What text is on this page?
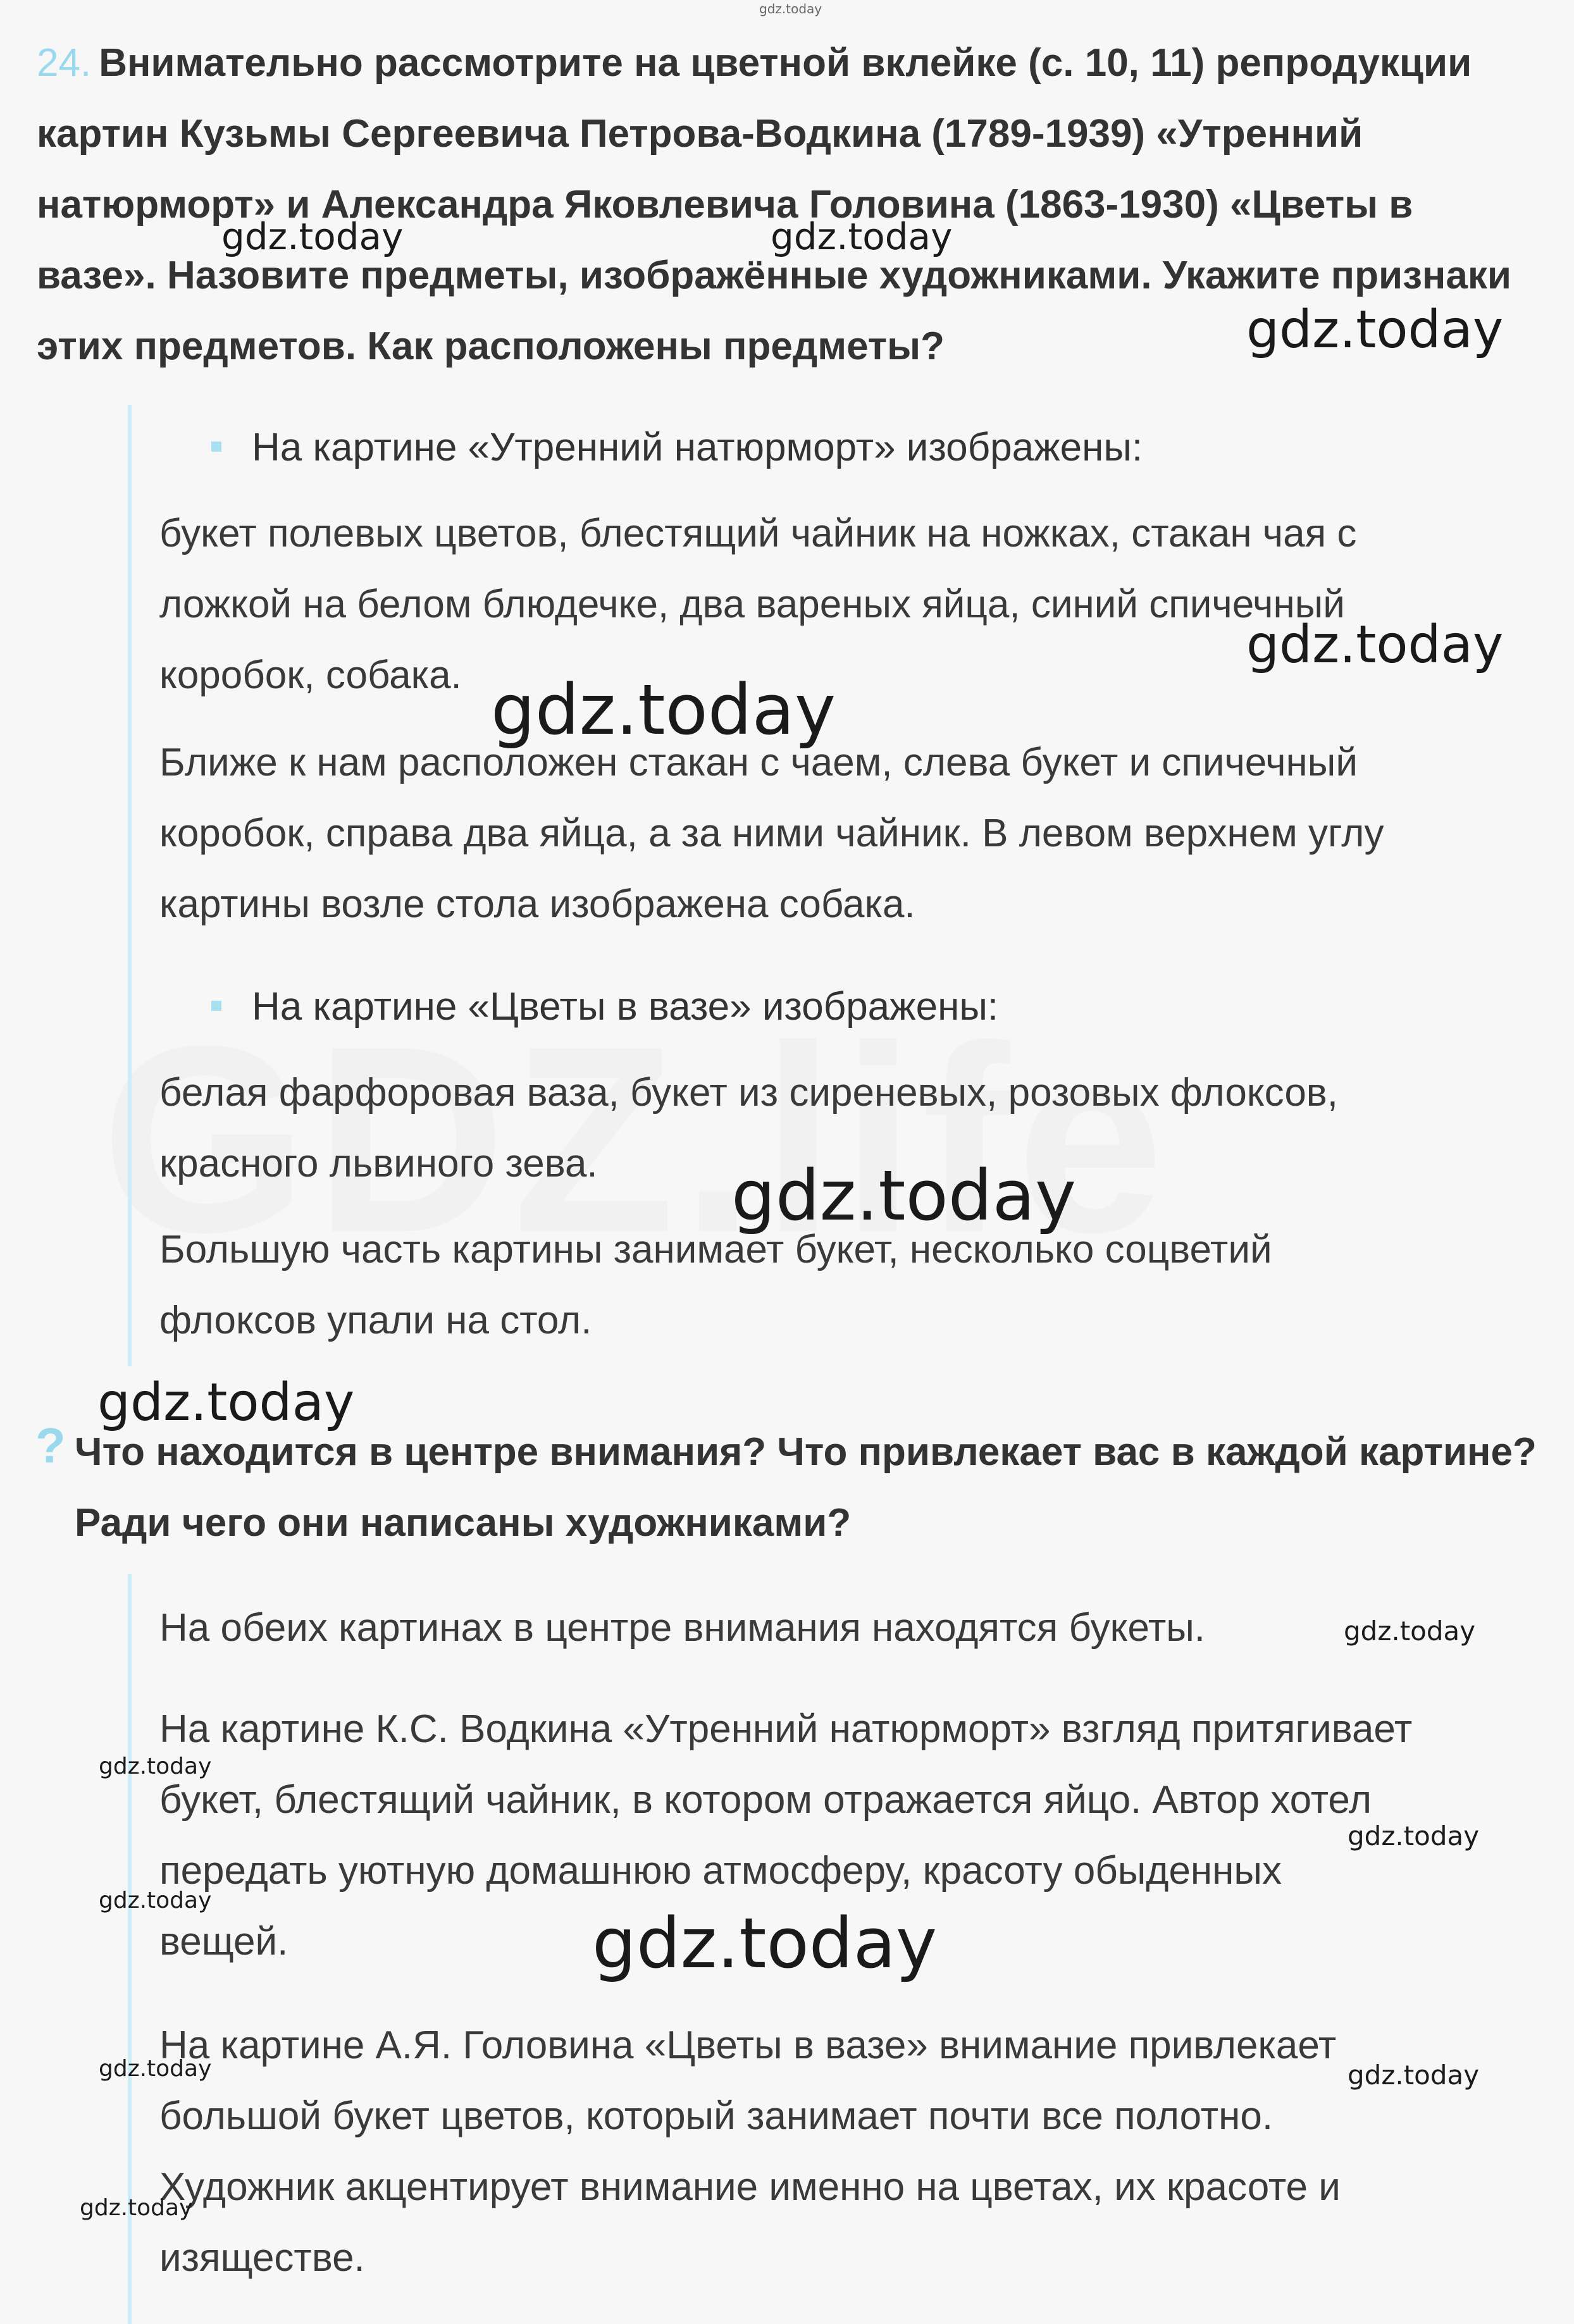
gdz.today
24. Внимательно рассмотрите на цветной вклейке (с. 10, 11) репродукции
картин Кузьмы Сергеевича Петрова-Водкина (1789-1939) «Утренний
натюрморт» и Александра Яковлевича Головина (1863-1930) «Цветы в
вазе». Назовите предметы, изображённые художниками. Укажите признаки
этих предметов. Как расположены предметы?
На картине «Утренний натюрморт» изображены:
букет полевых цветов, блестящий чайник на ножках, стакан чая с
ложкой на белом блюдечке, два вареных яйца, синий спичечный
коробок, собака.
Ближе к нам расположен стакан с чаем, слева букет и спичечный
коробок, справа два яйца, а за ними чайник. В левом верхнем углу
картины возле стола изображена собака.
На картине «Цветы в вазе» изображены:
белая фарфоровая ваза, букет из сиреневых, розовых флоксов,
красного львиного зева.
Большую часть картины занимает букет, несколько соцветий
флоксов упали на стол.
? Что находится в центре внимания? Что привлекает вас в каждой картине?
Ради чего они написаны художниками?
На обеих картинах в центре внимания находятся букеты.
На картине К.С. Водкина «Утренний натюрморт» взгляд притягивает
букет, блестящий чайник, в котором отражается яйцо. Автор хотел
передать уютную домашнюю атмосферу, красоту обыденных
вещей.
На картине А.Я. Головина «Цветы в вазе» внимание привлекает
большой букет цветов, который занимает почти все полотно.
Художник акцентирует внимание именно на цветах, их красоте и
изяществе.
gdz.today	gdz.today
gdz.today
gdz.today
gdz.today
gdz.today
gdz.today
gdz.today
gdz.today
gdz.today
gdz.today
gdz.today
gdz.today
gdz.today
gdz.today
